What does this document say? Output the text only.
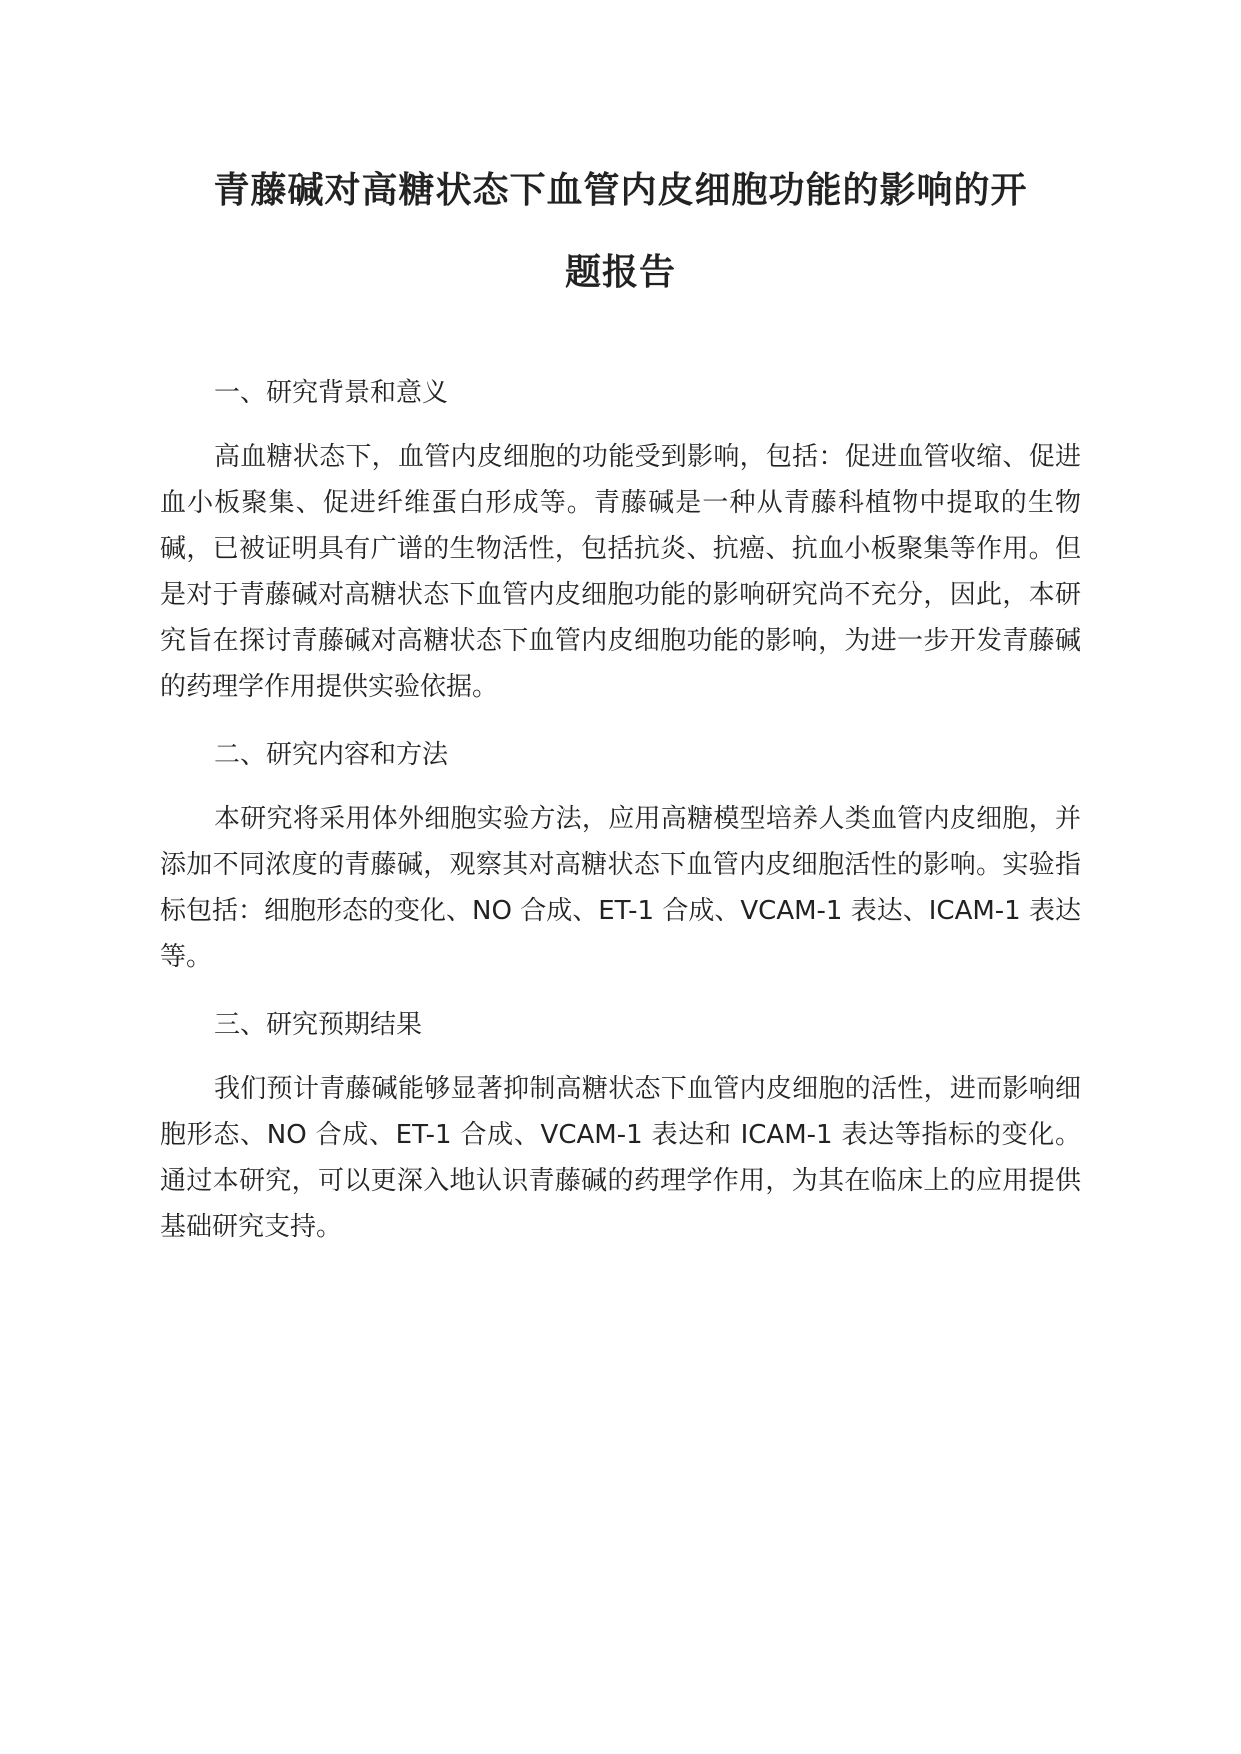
青藤碱对高糖状态下血管内皮细胞功能的影响的开
题报告

一、研究背景和意义

高血糖状态下，血管内皮细胞的功能受到影响，包括：促进血管收缩、促进血小板聚集、促进纤维蛋白形成等。青藤碱是一种从青藤科植物中提取的生物碱，已被证明具有广谱的生物活性，包括抗炎、抗癌、抗血小板聚集等作用。但是对于青藤碱对高糖状态下血管内皮细胞功能的影响研究尚不充分，因此，本研究旨在探讨青藤碱对高糖状态下血管内皮细胞功能的影响，为进一步开发青藤碱的药理学作用提供实验依据。

二、研究内容和方法

本研究将采用体外细胞实验方法，应用高糖模型培养人类血管内皮细胞，并添加不同浓度的青藤碱，观察其对高糖状态下血管内皮细胞活性的影响。实验指标包括：细胞形态的变化、NO 合成、ET-1 合成、VCAM-1 表达、ICAM-1 表达等。

三、研究预期结果

我们预计青藤碱能够显著抑制高糖状态下血管内皮细胞的活性，进而影响细胞形态、NO 合成、ET-1 合成、VCAM-1 表达和 ICAM-1 表达等指标的变化。通过本研究，可以更深入地认识青藤碱的药理学作用，为其在临床上的应用提供基础研究支持。
